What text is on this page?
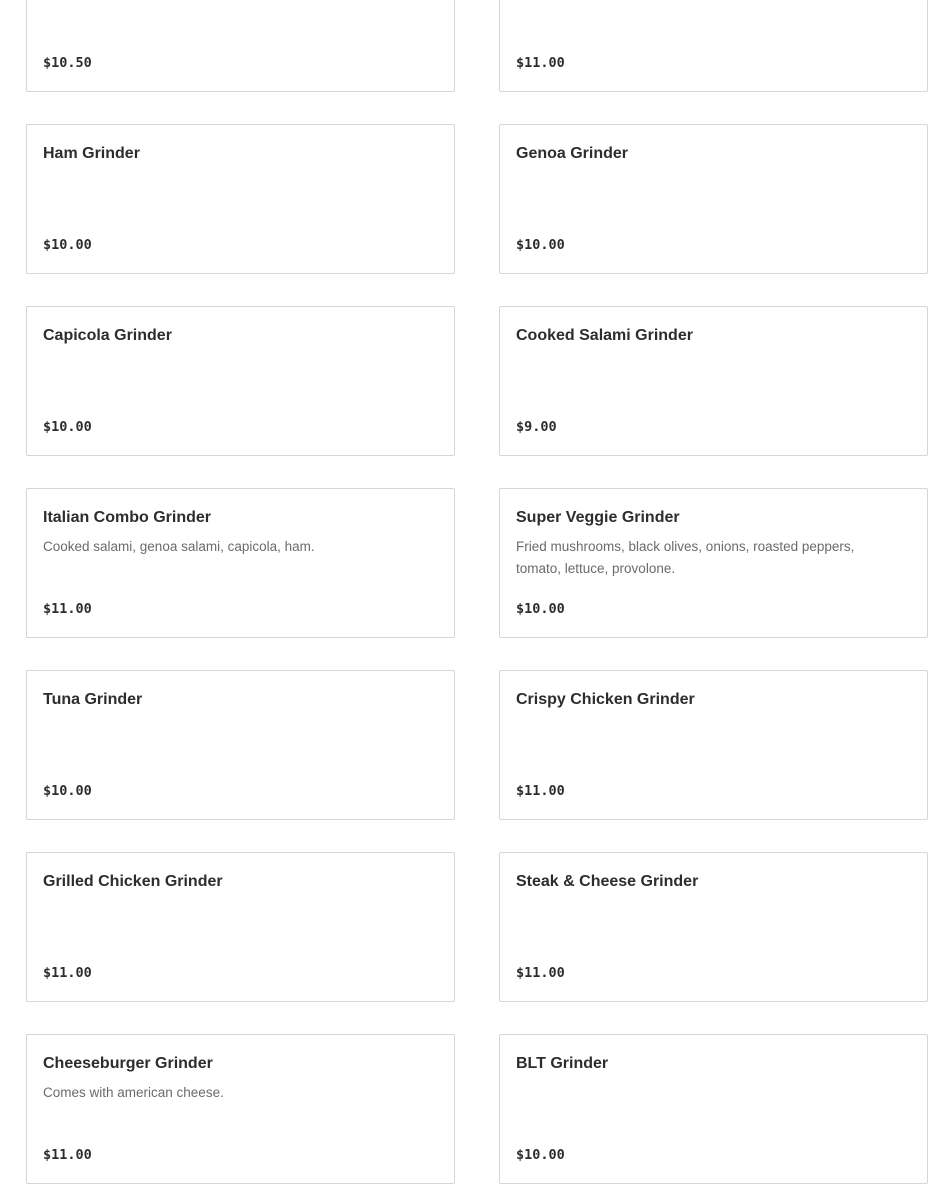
$10.50	$11.00
Ham Grinder
$10.00
Genoa Grinder
$10.00
Capicola Grinder
$10.00
Cooked Salami Grinder
$9.00
Italian Combo Grinder
Cooked salami, genoa salami, capicola, ham.
$11.00
Super Veggie Grinder
Fried mushrooms, black olives, onions, roasted peppers, tomato, lettuce, provolone.
$10.00
Tuna Grinder
$10.00
Crispy Chicken Grinder
$11.00
Grilled Chicken Grinder
$11.00
Steak & Cheese Grinder
$11.00
Cheeseburger Grinder
Comes with american cheese.
$11.00
BLT Grinder
$10.00
